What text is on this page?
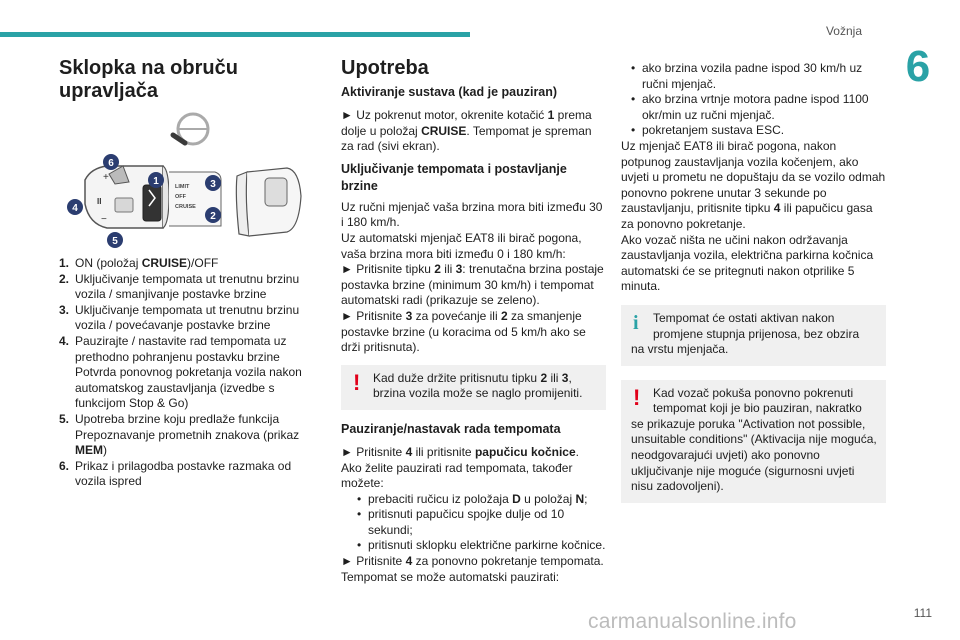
Vožnja
6
Sklopka na obruču upravljača
II
+
−
LIMIT
OFF
CRUISE
6
1	3
2
4
5
1. ON (položaj CRUISE)/OFF
2. Uključivanje tempomata ut trenutnu brzinu vozila / smanjivanje postavke brzine
3. Uključivanje tempomata ut trenutnu brzinu vozila / povećavanje postavke brzine
4. Pauzirajte / nastavite rad tempomata uz prethodno pohranjenu postavku brzine Potvrda ponovnog pokretanja vozila nakon automatskog zaustavljanja (izvedbe s funkcijom Stop & Go)
5. Upotreba brzine koju predlaže funkcija Prepoznavanje prometnih znakova (prikaz MEM)
6. Prikaz i prilagodba postavke razmaka od vozila ispred
Upotreba
Aktiviranje sustava (kad je pauziran)

► Uz pokrenut motor, okrenite kotačić 1 prema dolje u položaj CRUISE. Tempomat je spreman za rad (sivi ekran).

Uključivanje tempomata i postavljanje brzine

Uz ručni mjenjač vaša brzina mora biti između 30 i 180 km/h.

Uz automatski mjenjač EAT8 ili birač pogona, vaša brzina mora biti između 0 i 180 km/h:

► Pritisnite tipku 2 ili 3: trenutačna brzina postaje postavka brzine (minimum 30 km/h) i tempomat automatski radi (prikazuje se zeleno).

► Pritisnite 3 za povećanje ili 2 za smanjenje postavke brzine (u koracima od 5 km/h ako se drži pritisnuta).

!	Kad duže držite pritisnutu tipku 2 ili 3, brzina vozila može se naglo promijeniti.

Pauziranje/nastavak rada tempomata

► Pritisnite 4 ili pritisnite papučicu kočnice.

Ako želite pauzirati rad tempomata, također možete:

• prebaciti ručicu iz položaja D u položaj N;
• pritisnuti papučicu spojke dulje od 10 sekundi;
• pritisnuti sklopku električne parkirne kočnice.

► Pritisnite 4 za ponovno pokretanje tempomata. Tempomat se može automatski pauzirati:

• ako brzina vozila padne ispod 30 km/h uz ručni mjenjač.
• ako brzina vrtnje motora padne ispod 1100 okr/min uz ručni mjenjač.
• pokretanjem sustava ESC.

Uz mjenjač EAT8 ili birač pogona, nakon potpunog zaustavljanja vozila kočenjem, ako uvjeti u prometu ne dopuštaju da se vozilo odmah ponovno pokrene unutar 3 sekunde po zaustavljanju, pritisnite tipku 4 ili papučicu gasa za ponovno pokretanje.

Ako vozač ništa ne učini nakon održavanja zaustavljanja vozila, električna parkirna kočnica automatski će se pritegnuti nakon otprilike 5 minuta.

i	Tempomat će ostati aktivan nakon promjene stupnja prijenosa, bez obzira

na vrstu mjenjača.

!	Kad vozač pokuša ponovno pokrenuti tempomat koji je bio pauziran, nakratko

se prikazuje poruka "Activation not possible, unsuitable conditions" (Aktivacija nije moguća, neodgovarajući uvjeti) ako ponovno uključivanje nije moguće (sigurnosni uvjeti nisu zadovoljeni).

111
carmanualsonline.info
